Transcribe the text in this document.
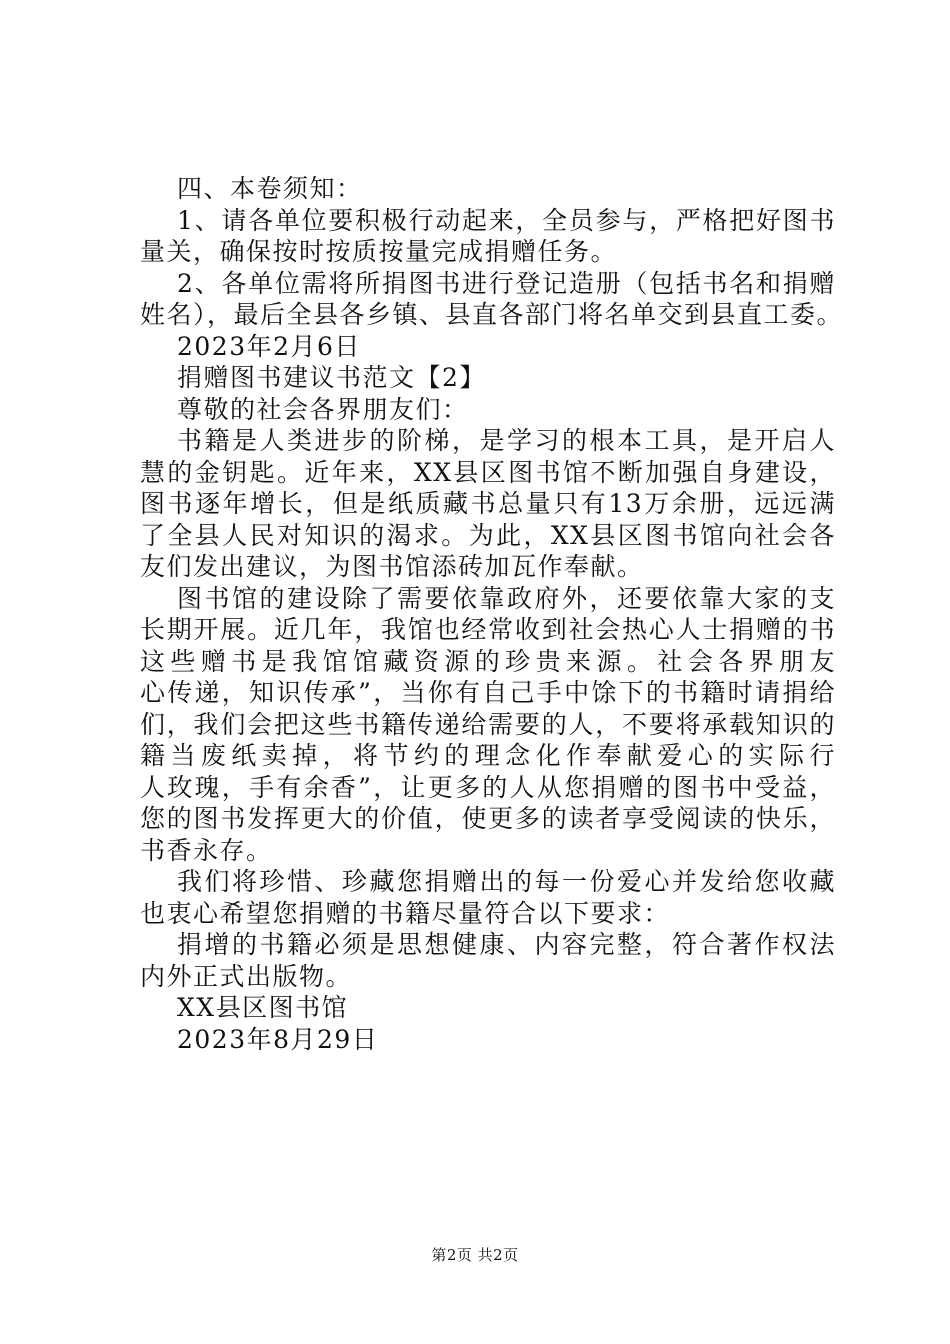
四、本卷须知：
1、请各单位要积极行动起来，全员参与，严格把好图书
量关，确保按时按质按量完成捐赠任务。
2、各单位需将所捐图书进行登记造册（包括书名和捐赠
姓名），最后全县各乡镇、县直各部门将名单交到县直工委。
2023年2月6日
捐赠图书建议书范文【2】
尊敬的社会各界朋友们：
书籍是人类进步的阶梯，是学习的根本工具，是开启人
慧的金钥匙。近年来，XX县区图书馆不断加强自身建设，
图书逐年增长，但是纸质藏书总量只有13万余册，远远满
了全县人民对知识的渴求。为此，XX县区图书馆向社会各
友们发出建议，为图书馆添砖加瓦作奉献。
图书馆的建设除了需要依靠政府外，还要依靠大家的支
长期开展。近几年，我馆也经常收到社会热心人士捐赠的书
这些赠书是我馆馆藏资源的珍贵来源。社会各界朋友
心传递，知识传承”，当你有自己手中馀下的书籍时请捐给
们，我们会把这些书籍传递给需要的人，不要将承载知识的
籍当废纸卖掉，将节约的理念化作奉献爱心的实际行
人玫瑰，手有余香”，让更多的人从您捐赠的图书中受益，
您的图书发挥更大的价值，使更多的读者享受阅读的快乐，
书香永存。
我们将珍惜、珍藏您捐赠出的每一份爱心并发给您收藏
也衷心希望您捐赠的书籍尽量符合以下要求：
捐增的书籍必须是思想健康、内容完整，符合著作权法
内外正式出版物。
XX县区图书馆
2023年8月29日
第2页 共2页
